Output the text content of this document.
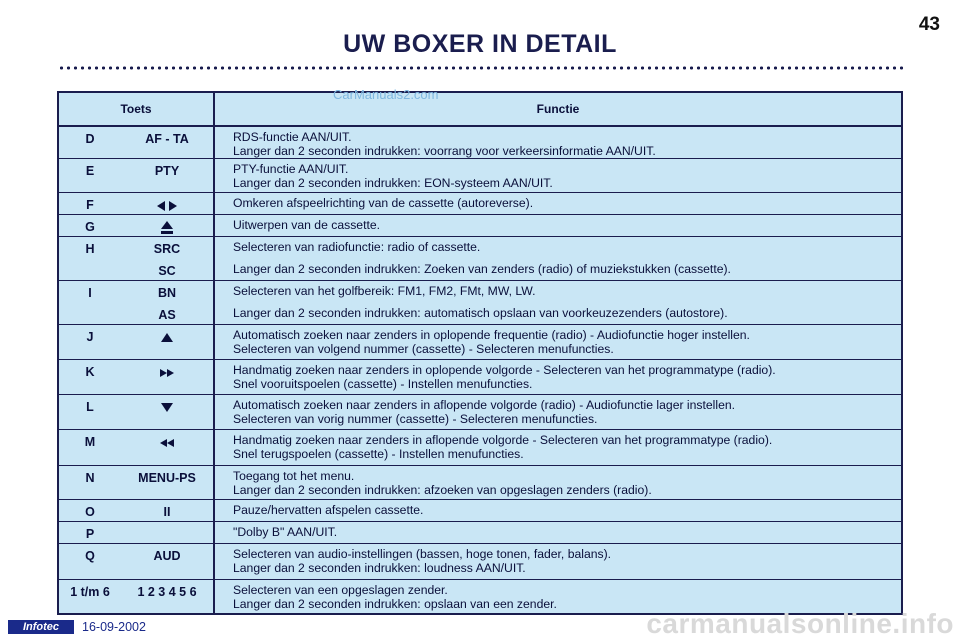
43
UW BOXER IN DETAIL
Toets	Functie
D	AF - TA	RDS-functie AAN/UIT.
Langer dan 2 seconden indrukken: voorrang voor verkeersinformatie AAN/UIT.
E	PTY	PTY-functie AAN/UIT.
Langer dan 2 seconden indrukken: EON-systeem AAN/UIT.
F	Omkeren afspeelrichting van de cassette (autoreverse).
G	Uitwerpen van de cassette.
H	SRC	Selecteren van radiofunctie: radio of cassette.
SC	Langer dan 2 seconden indrukken: Zoeken van zenders (radio) of muziekstukken (cassette).
I	BN	Selecteren van het golfbereik: FM1, FM2, FMt, MW, LW.
AS	Langer dan 2 seconden indrukken: automatisch opslaan van voorkeuzezenders (autostore).
J	Automatisch zoeken naar zenders in oplopende frequentie (radio) - Audiofunctie hoger instellen.
Selecteren van volgend nummer (cassette) - Selecteren menufuncties.
K	Handmatig zoeken naar zenders in oplopende volgorde - Selecteren van het programmatype (radio).
Snel vooruitspoelen (cassette) - Instellen menufuncties.
L	Automatisch zoeken naar zenders in aflopende volgorde (radio) - Audiofunctie lager instellen.
Selecteren van vorig nummer (cassette) - Selecteren menufuncties.
M	Handmatig zoeken naar zenders in aflopende volgorde - Selecteren van het programmatype (radio).
Snel terugspoelen (cassette) - Instellen menufuncties.
N	MENU-PS	Toegang tot het menu.
Langer dan 2 seconden indrukken: afzoeken van opgeslagen zenders (radio).
O	II	Pauze/hervatten afspelen cassette.
P	"Dolby B" AAN/UIT.
Q	AUD	Selecteren van audio-instellingen (bassen, hoge tonen, fader, balans).
Langer dan 2 seconden indrukken: loudness AAN/UIT.
1 t/m 6	1 2 3 4 5 6	Selecteren van een opgeslagen zender.
Langer dan 2 seconden indrukken: opslaan van een zender.
CarManuals2.com
Infotec	16-09-2002	carmanualsonline.info
